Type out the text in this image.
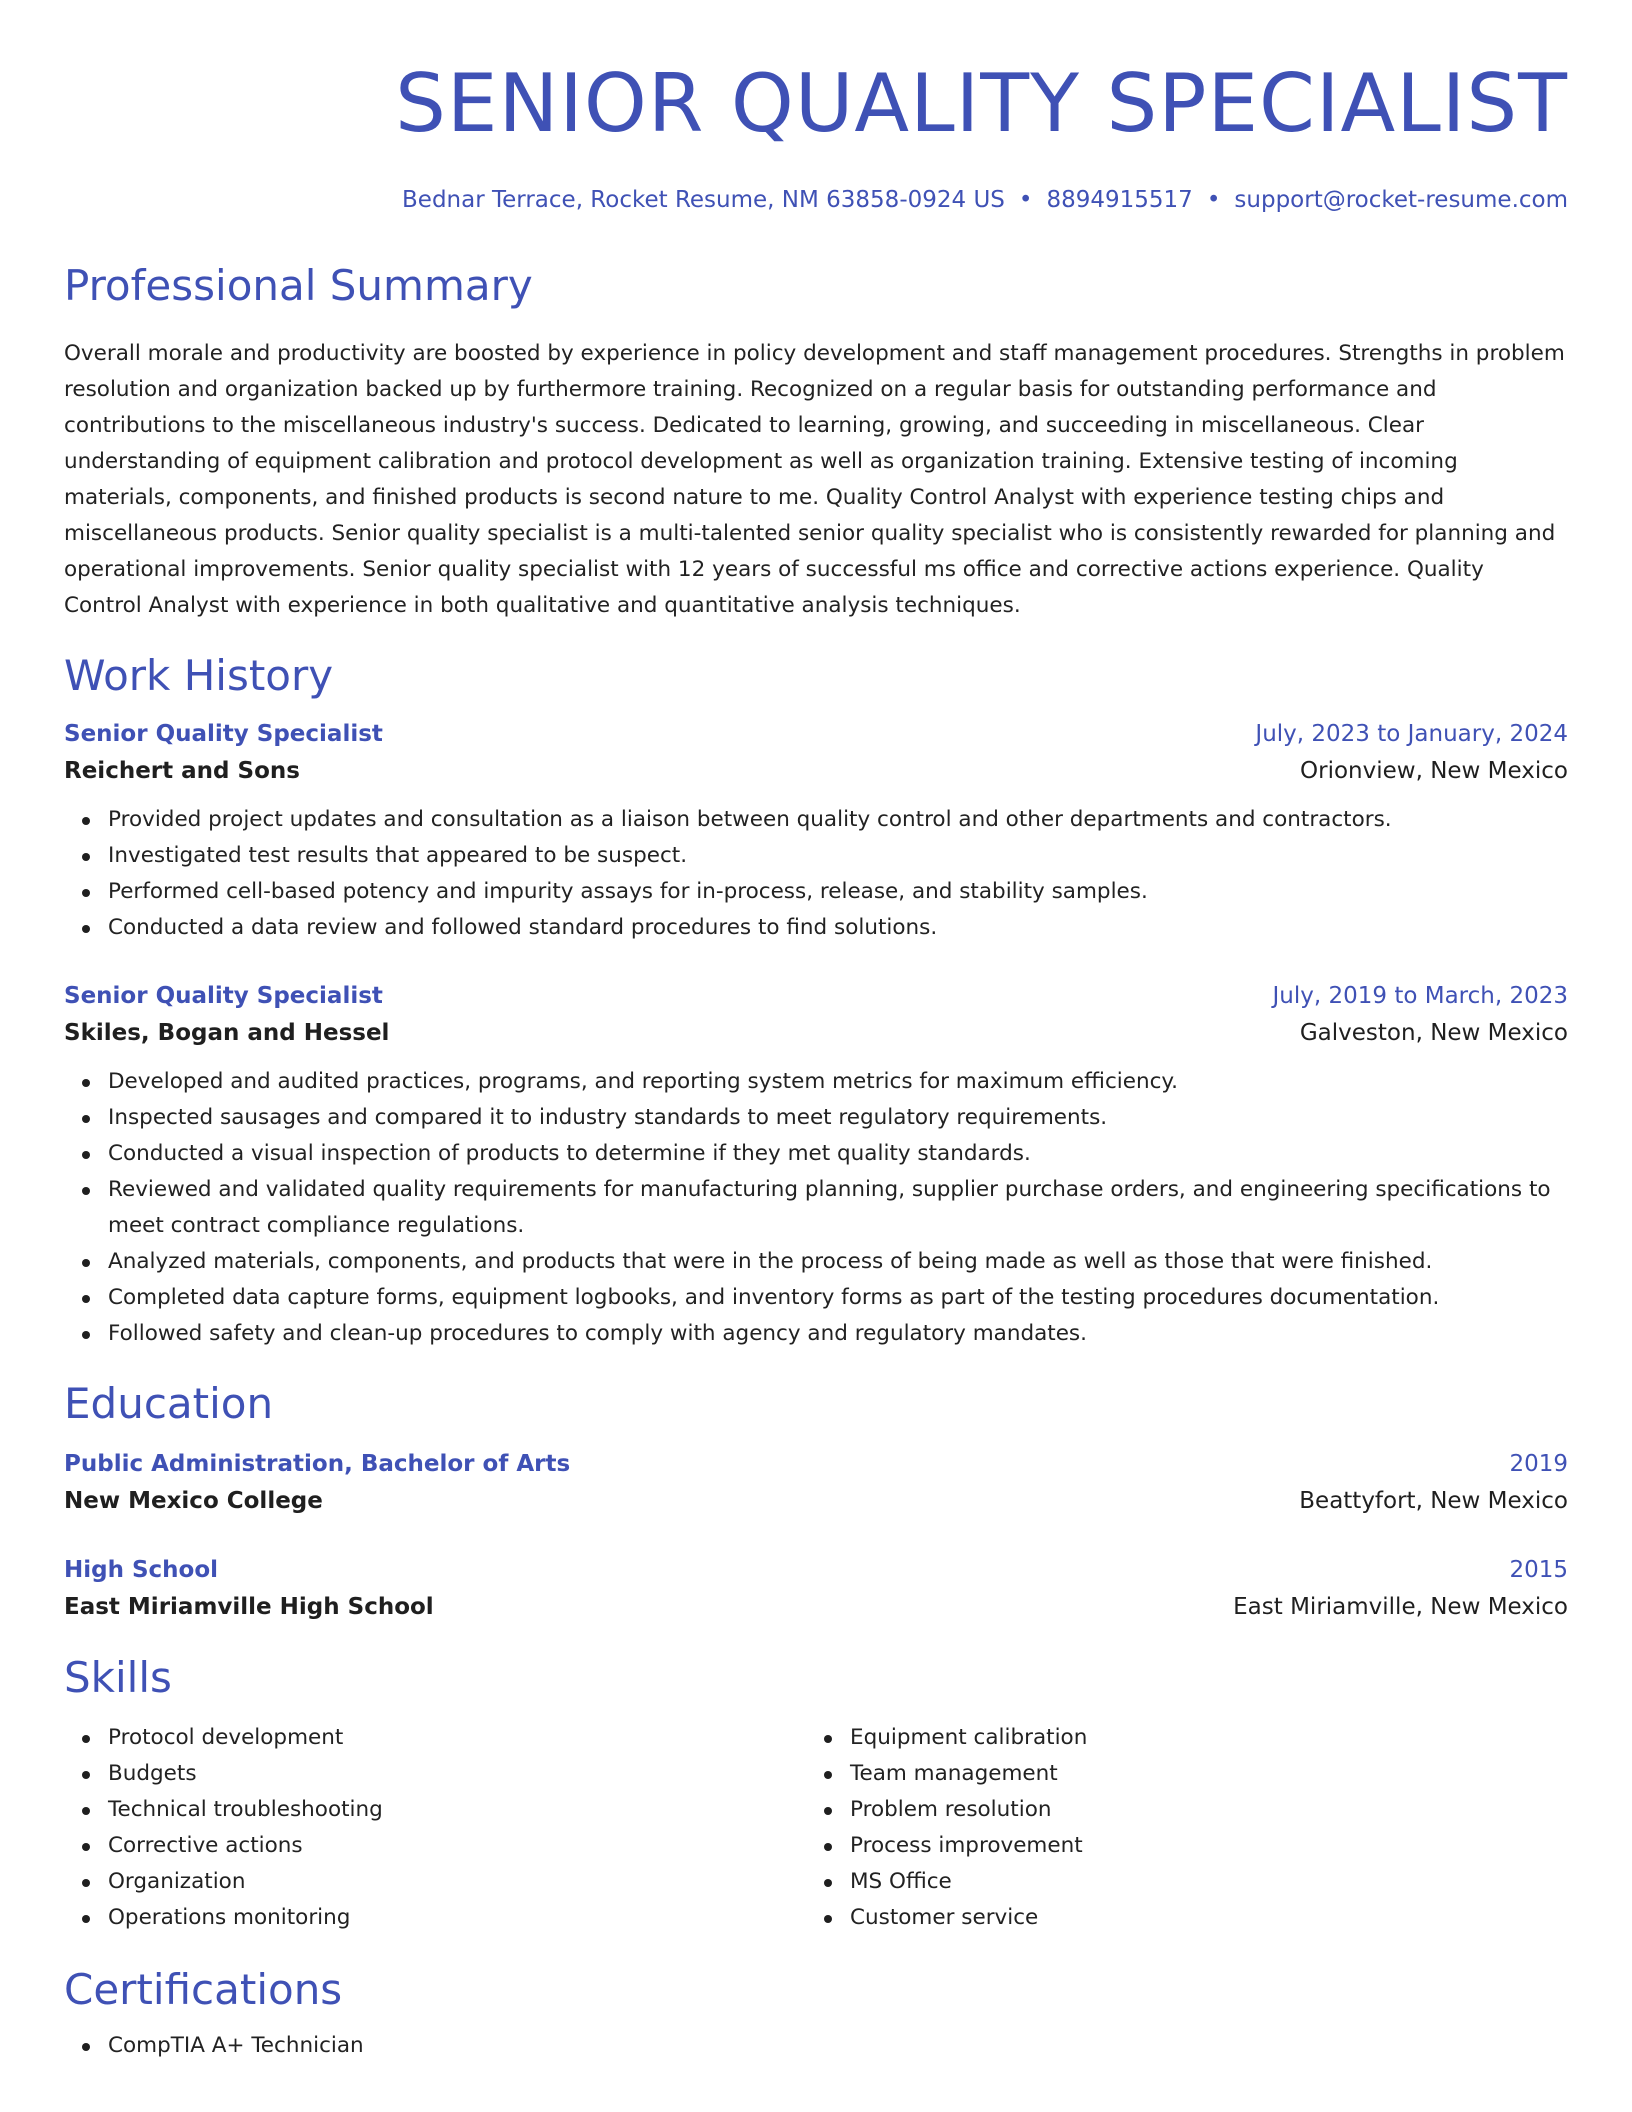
SENIOR QUALITY SPECIALIST
Bednar Terrace, Rocket Resume, NM 63858-0924 US • 8894915517 • support@rocket-resume.com
Professional Summary

Overall morale and productivity are boosted by experience in policy development and staff management procedures. Strengths in problem resolution and organization backed up by furthermore training. Recognized on a regular basis for outstanding performance and contributions to the miscellaneous industry's success. Dedicated to learning, growing, and succeeding in miscellaneous. Clear understanding of equipment calibration and protocol development as well as organization training. Extensive testing of incoming materials, components, and finished products is second nature to me. Quality Control Analyst with experience testing chips and miscellaneous products. Senior quality specialist is a multi-talented senior quality specialist who is consistently rewarded for planning and operational improvements. Senior quality specialist with 12 years of successful ms office and corrective actions experience. Quality Control Analyst with experience in both qualitative and quantitative analysis techniques.

Work History
Senior Quality Specialist	July, 2023 to January, 2024
Reichert and Sons	Orionview, New Mexico
Provided project updates and consultation as a liaison between quality control and other departments and contractors.
Investigated test results that appeared to be suspect.
Performed cell-based potency and impurity assays for in-process, release, and stability samples.
Conducted a data review and followed standard procedures to find solutions.
Senior Quality Specialist	July, 2019 to March, 2023
Skiles, Bogan and Hessel	Galveston, New Mexico
Developed and audited practices, programs, and reporting system metrics for maximum efficiency.
Inspected sausages and compared it to industry standards to meet regulatory requirements.
Conducted a visual inspection of products to determine if they met quality standards.
Reviewed and validated quality requirements for manufacturing planning, supplier purchase orders, and engineering specifications to meet contract compliance regulations.
Analyzed materials, components, and products that were in the process of being made as well as those that were finished.
Completed data capture forms, equipment logbooks, and inventory forms as part of the testing procedures documentation.
Followed safety and clean-up procedures to comply with agency and regulatory mandates.
Education
Public Administration, Bachelor of Arts	2019
New Mexico College	Beattyfort, New Mexico
High School	2015
East Miriamville High School	East Miriamville, New Mexico
Skills
Protocol development
Budgets
Technical troubleshooting
Corrective actions
Organization
Operations monitoring
Equipment calibration
Team management
Problem resolution
Process improvement
MS Office
Customer service
Certifications
CompTIA A+ Technician
